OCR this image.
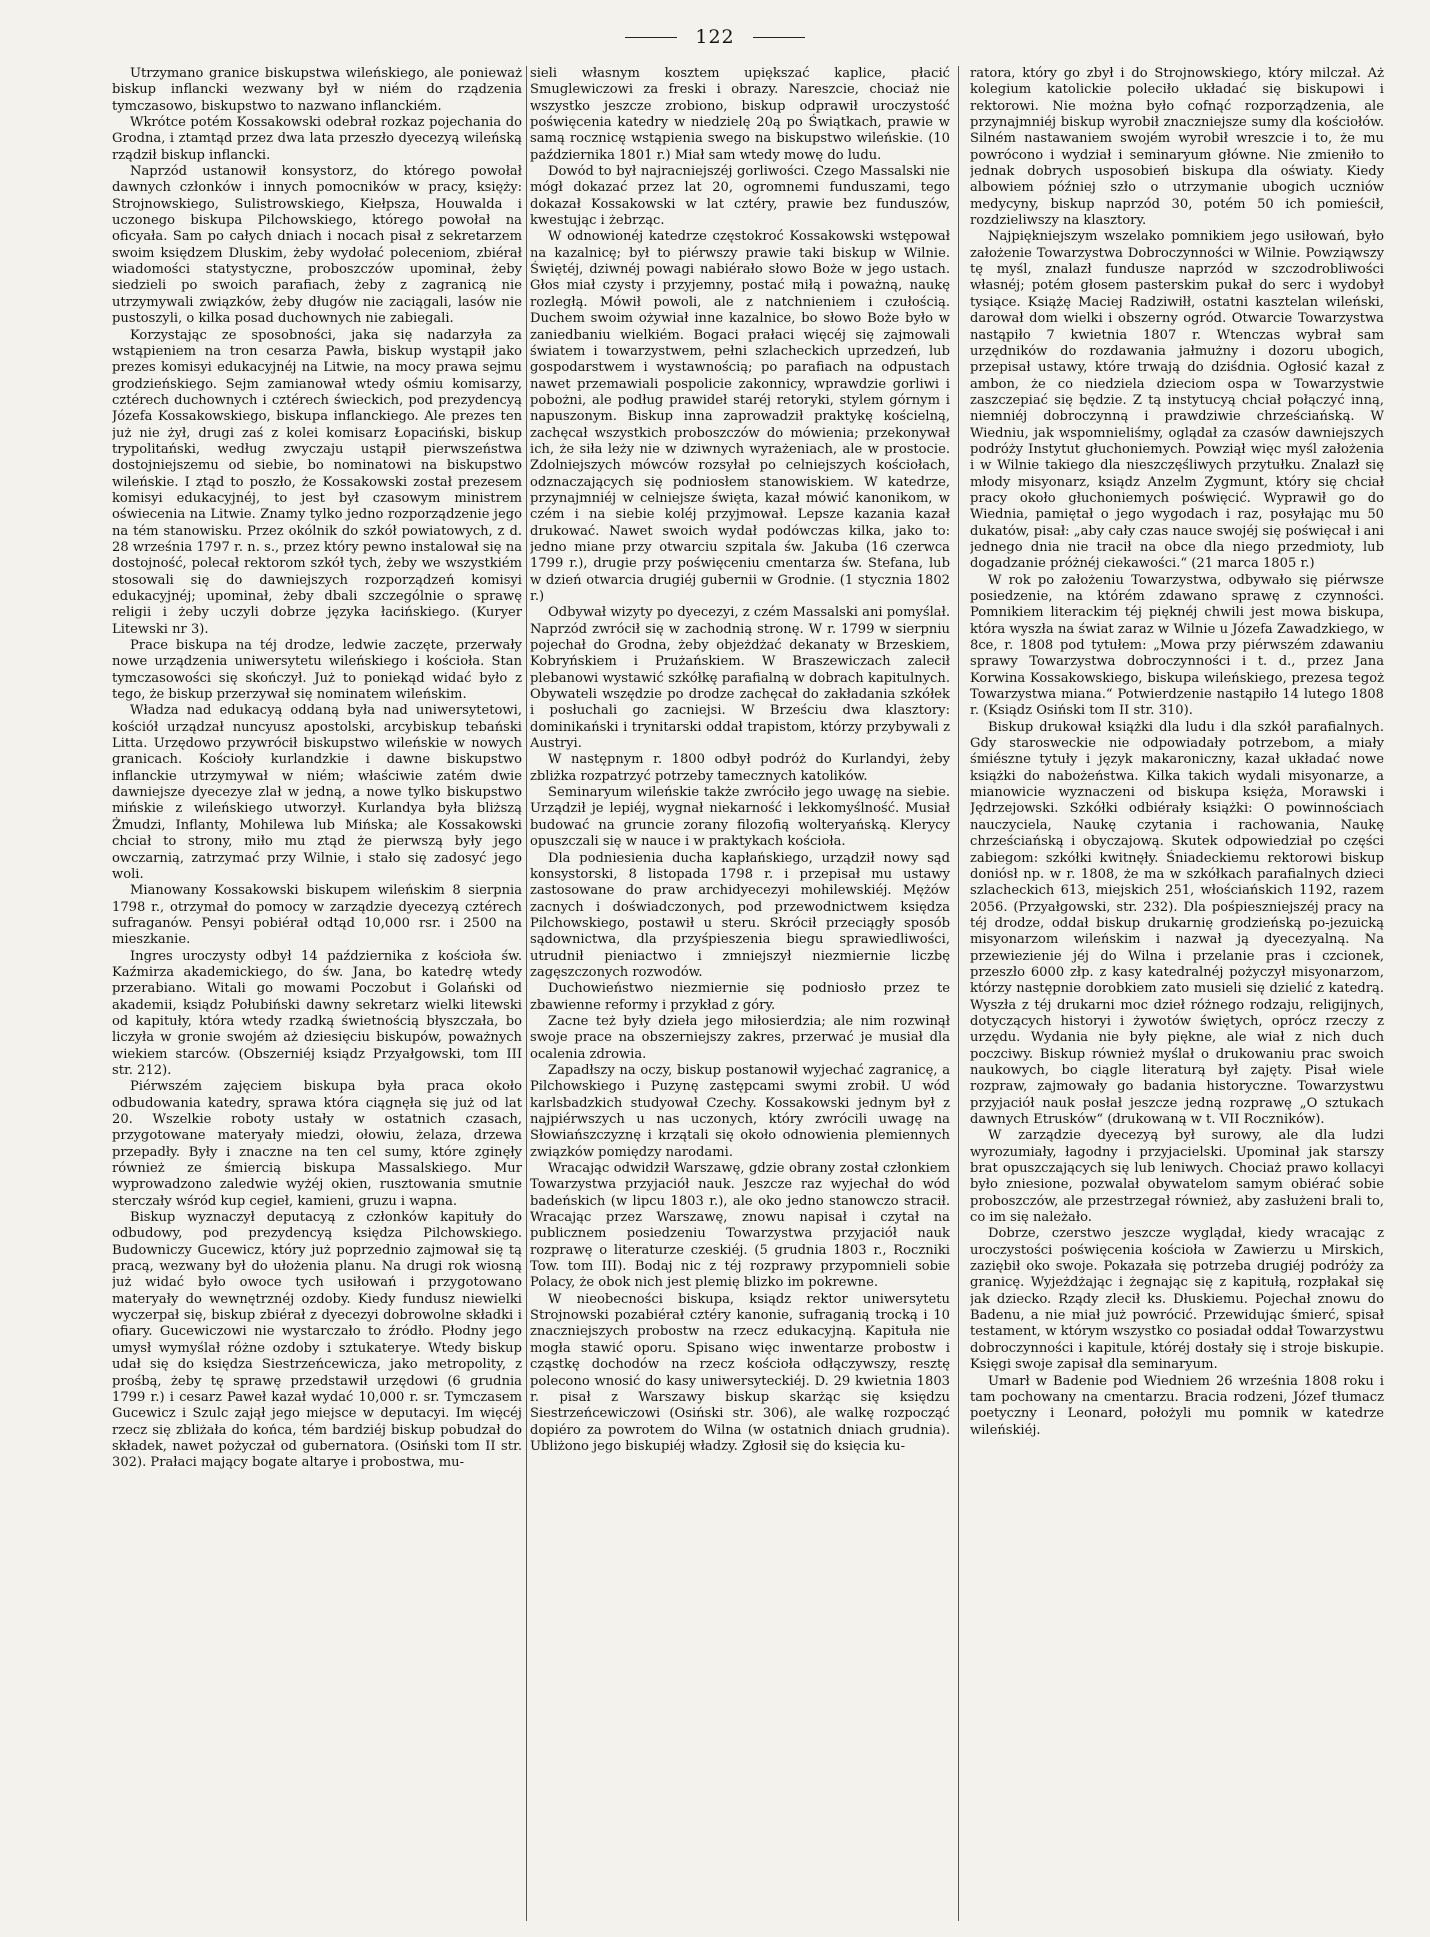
122

Utrzymano granice biskupstwa wileńskiego, ale ponieważ biskup inflancki wezwany był w niém do rządzenia tymczasowo, biskupstwo to nazwano inflanckiém.

Wkrótce potém Kossakowski odebrał rozkaz pojechania do Grodna, i ztamtąd przez dwa lata przeszło dyecezyą wileńską rządził biskup inflancki.

Naprzód ustanowił konsystorz, do którego powołał dawnych członków i innych pomocników w pracy, księży: Strojnowskiego, Sulistrowskiego, Kiełpsza, Houwalda i uczonego biskupa Pilchowskiego, którego powołał na oficyała. Sam po całych dniach i nocach pisał z sekretarzem swoim księdzem Dluskim, żeby wydołać poleceniom, zbiérał wiadomości statystyczne, proboszczów upominał, żeby siedzieli po swoich parafiach, żeby z zagranicą nie utrzymywali związków, żeby długów nie zaciągali, lasów nie pustoszyli, o kilka posad duchownych nie zabiegali.

Korzystając ze sposobności, jaka się nadarzyła za wstąpieniem na tron cesarza Pawła, biskup wystąpił jako prezes komisyi edukacyjnéj na Litwie, na mocy prawa sejmu grodzieńskiego. Sejm zamianował wtedy ośmiu komisarzy, cztérech duchownych i cztérech świeckich, pod prezydencyą Józefa Kossakowskiego, biskupa inflanckiego. Ale prezes ten już nie żył, drugi zaś z kolei komisarz Łopaciński, biskup trypolitański, według zwyczaju ustąpił pierwszeństwa dostojniejszemu od siebie, bo nominatowi na biskupstwo wileńskie. I ztąd to poszło, że Kossakowski został prezesem komisyi edukacyjnéj, to jest był czasowym ministrem oświecenia na Litwie. Znamy tylko jedno rozporządzenie jego na tém stanowisku. Przez okólnik do szkół powiatowych, z d. 28 września 1797 r. n. s., przez który pewno instalował się na dostojność, polecał rektorom szkół tych, żeby we wszystkiém stosowali się do dawniejszych rozporządzeń komisyi edukacyjnéj; upominał, żeby dbali szczególnie o sprawę religii i żeby uczyli dobrze języka łacińskiego. (Kuryer Litewski nr 3).

Prace biskupa na téj drodze, ledwie zaczęte, przerwały nowe urządzenia uniwersytetu wileńskiego i kościoła. Stan tymczasowości się skończył. Już to poniekąd widać było z tego, że biskup przerzywał się nominatem wileńskim.

Władza nad edukacyą oddaną była nad uniwersytetowi, kościół urządzał nuncyusz apostolski, arcybiskup tebański Litta. Urzędowo przywrócił biskupstwo wileńskie w nowych granicach. Kościoły kurlandzkie i dawne biskupstwo inflanckie utrzymywał w niém; właściwie zatém dwie dawniejsze dyecezye zlał w jedną, a nowe tylko biskupstwo mińskie z wileńskiego utworzył. Kurlandya była bliższą Żmudzi, Inflanty, Mohilewa lub Mińska; ale Kossakowski chciał to strony, miło mu ztąd że pierwszą były jego owczarnią, zatrzymać przy Wilnie, i stało się zadosyć jego woli.

Mianowany Kossakowski biskupem wileńskim 8 sierpnia 1798 r., otrzymał do pomocy w zarządzie dyecezyą cztérech sufraganów. Pensyi pobiérał odtąd 10,000 rsr. i 2500 na mieszkanie.

Ingres uroczysty odbył 14 października z kościoła św. Kaźmirza akademickiego, do św. Jana, bo katedrę wtedy przerabiano. Witali go mowami Poczobut i Golański od akademii, ksiądz Połubiński dawny sekretarz wielki litewski od kapituły, która wtedy rzadką świetnością błyszczała, bo liczyła w gronie swojém aż dziesięciu biskupów, poważnych wiekiem starców. (Obszerniéj ksiądz Przyałgowski, tom III str. 212).

Piérwszém zajęciem biskupa była praca około odbudowania katedry, sprawa która ciągnęła się już od lat 20. Wszelkie roboty ustały w ostatnich czasach, przygotowane materyały miedzi, ołowiu, żelaza, drzewa przepadły. Były i znaczne na ten cel sumy, które zginęły również ze śmiercią biskupa Massalskiego. Mur wyprowadzono zaledwie wyżéj okien, rusztowania smutnie sterczały wśród kup cegieł, kamieni, gruzu i wapna.

Biskup wyznaczył deputacyą z członków kapituły do odbudowy, pod prezydencyą księdza Pilchowskiego. Budowniczy Gucewicz, który już poprzednio zajmował się tą pracą, wezwany był do ułożenia planu. Na drugi rok wiosną już widać było owoce tych usiłowań i przygotowano materyały do wewnętrznéj ozdoby. Kiedy fundusz niewielki wyczerpał się, biskup zbiérał z dyecezyi dobrowolne składki i ofiary. Gucewiczowi nie wystarczało to źródło. Płodny jego umysł wymyślał różne ozdoby i sztukaterye. Wtedy biskup udał się do księdza Siestrzeńcewicza, jako metropolity, z prośbą, żeby tę sprawę przedstawił urzędowi (6 grudnia 1799 r.) i cesarz Paweł kazał wydać 10,000 r. sr. Tymczasem Gucewicz i Szulc zajął jego miejsce w deputacyi. Im więcéj rzecz się zbliżała do końca, tém bardziéj biskup pobudzał do składek, nawet pożyczał od gubernatora. (Osiński tom II str. 302). Prałaci mający bogate altarye i probostwa, mu-

sieli własnym kosztem upiększać kaplice, płacić Smuglewiczowi za freski i obrazy. Nareszcie, chociaż nie wszystko jeszcze zrobiono, biskup odprawił uroczystość poświęcenia katedry w niedzielę 20ą po Świątkach, prawie w samą rocznicę wstąpienia swego na biskupstwo wileńskie. (10 października 1801 r.) Miał sam wtedy mowę do ludu.

Dowód to był najracniejszéj gorliwości. Czego Massalski nie mógł dokazać przez lat 20, ogromnemi funduszami, tego dokazał Kossakowski w lat cztéry, prawie bez funduszów, kwestując i żebrząc.

W odnowionéj katedrze częstokroć Kossakowski wstępował na kazalnicę; był to piérwszy prawie taki biskup w Wilnie. Świętéj, dziwnéj powagi nabiérało słowo Boże w jego ustach. Głos miał czysty i przyjemny, postać miłą i poważną, naukę rozległą. Mówił powoli, ale z natchnieniem i czułością. Duchem swoim ożywiał inne kazalnice, bo słowo Boże było w zaniedbaniu wielkiém. Bogaci prałaci więcéj się zajmowali światem i towarzystwem, pełni szlacheckich uprzedzeń, lub gospodarstwem i wystawnością; po parafiach na odpustach nawet przemawiali pospolicie zakonnicy, wprawdzie gorliwi i pobożni, ale podług prawideł staréj retoryki, stylem górnym i napuszonym. Biskup inna zaprowadził praktykę kościelną, zachęcał wszystkich proboszczów do mówienia; przekonywał ich, że siła leży nie w dziwnych wyrażeniach, ale w prostocie. Zdolniejszych mówców rozsyłał po celniejszych kościołach, odznaczających się podniosłem stanowiskiem. W katedrze, przynajmniéj w celniejsze święta, kazał mówić kanonikom, w czém i na siebie koléj przyjmował. Lepsze kazania kazał drukować. Nawet swoich wydał podówczas kilka, jako to: jedno miane przy otwarciu szpitala św. Jakuba (16 czerwca 1799 r.), drugie przy poświęceniu cmentarza św. Stefana, lub w dzień otwarcia drugiéj gubernii w Grodnie. (1 stycznia 1802 r.)

Odbywał wizyty po dyecezyi, z czém Massalski ani pomyślał. Naprzód zwrócił się w zachodnią stronę. W r. 1799 w sierpniu pojechał do Grodna, żeby objeżdżać dekanaty w Brzeskiem, Kobryńskiem i Prużańskiem. W Braszewiczach zalecił plebanowi wystawić szkółkę parafialną w dobrach kapitulnych. Obywateli wszędzie po drodze zachęcał do zakładania szkółek i posłuchali go zacniejsi. W Brześciu dwa klasztory: dominikański i trynitarski oddał trapistom, którzy przybywali z Austryi.

W następnym r. 1800 odbył podróż do Kurlandyi, żeby zbliżka rozpatrzyć potrzeby tamecznych katolików.

Seminaryum wileńskie także zwróciło jego uwagę na siebie. Urządził je lepiéj, wygnał niekarność i lekkomyślność. Musiał budować na gruncie zorany filozofią wolteryańską. Klerycy opuszczali się w nauce i w praktykach kościoła.

Dla podniesienia ducha kapłańskiego, urządził nowy sąd konsystorski, 8 listopada 1798 r. i przepisał mu ustawy zastosowane do praw archidyecezyi mohilewskiéj. Mężów zacnych i doświadczonych, pod przewodnictwem księdza Pilchowskiego, postawił u steru. Skrócił przeciągły sposób sądownictwa, dla przyśpieszenia biegu sprawiedliwości, utrudnił pieniactwo i zmniejszył niezmiernie liczbę zagęszczonych rozwodów.

Duchowieństwo niezmiernie się podniosło przez te zbawienne reformy i przykład z góry.

Zacne też były dzieła jego miłosierdzia; ale nim rozwinął swoje prace na obszerniejszy zakres, przerwać je musiał dla ocalenia zdrowia.

Zapadłszy na oczy, biskup postanowił wyjechać zagranicę, a Pilchowskiego i Puzynę zastępcami swymi zrobił. U wód karlsbadzkich studyował Czechy. Kossakowski jednym był z najpiérwszych u nas uczonych, który zwrócili uwagę na Słowiańszczyznę i krzątali się około odnowienia plemiennych związków pomiędzy narodami.

Wracając odwidził Warszawę, gdzie obrany został członkiem Towarzystwa przyjaciół nauk. Jeszcze raz wyjechał do wód badeńskich (w lipcu 1803 r.), ale oko jedno stanowczo stracił. Wracając przez Warszawę, znowu napisał i czytał na publicznem posiedzeniu Towarzystwa przyjaciół nauk rozprawę o literaturze czeskiéj. (5 grudnia 1803 r., Roczniki Tow. tom III). Bodaj nic z téj rozprawy przypomnieli sobie Polacy, że obok nich jest plemię blizko im pokrewne.

W nieobecności biskupa, ksiądz rektor uniwersytetu Strojnowski pozabiérał cztéry kanonie, sufraganią trocką i 10 znaczniejszych probostw na rzecz edukacyjną. Kapituła nie mogła stawić oporu. Spisano więc inwentarze probostw i cząstkę dochodów na rzecz kościoła odłączywszy, resztę polecono wnosić do kasy uniwersyteckiéj. D. 29 kwietnia 1803 r. pisał z Warszawy biskup skarżąc się księdzu Siestrzeńcewiczowi (Osiński str. 306), ale walkę rozpocząć dopiéro za powrotem do Wilna (w ostatnich dniach grudnia). Ubliżono jego biskupiéj władzy. Zgłosił się do księcia ku-

ratora, który go zbył i do Strojnowskiego, który milczał. Aż kolegium katolickie poleciło układać się biskupowi i rektorowi. Nie można było cofnąć rozporządzenia, ale przynajmniéj biskup wyrobił znaczniejsze sumy dla kościołów. Silném nastawaniem swojém wyrobił wreszcie i to, że mu powrócono i wydział i seminaryum główne. Nie zmieniło to jednak dobrych usposobień biskupa dla oświaty. Kiedy albowiem później szło o utrzymanie ubogich uczniów medycyny, biskup naprzód 30, potém 50 ich pomieścił, rozdzieliwszy na klasztory.

Najpiękniejszym wszelako pomnikiem jego usiłowań, było założenie Towarzystwa Dobroczynności w Wilnie. Powziąwszy tę myśl, znalazł fundusze naprzód w szczodrobliwości własnéj; potém głosem pasterskim pukał do serc i wydobył tysiące. Książę Maciej Radziwiłł, ostatni kasztelan wileński, darował dom wielki i obszerny ogród. Otwarcie Towarzystwa nastąpiło 7 kwietnia 1807 r. Wtenczas wybrał sam urzędników do rozdawania jałmużny i dozoru ubogich, przepisał ustawy, które trwają do dziśdnia. Ogłosić kazał z ambon, że co niedziela dzieciom ospa w Towarzystwie zaszczepiać się będzie. Z tą instytucyą chciał połączyć inną, niemniéj dobroczynną i prawdziwie chrześciańską. W Wiedniu, jak wspomnieliśmy, oglądał za czasów dawniejszych podróży Instytut głuchoniemych. Powziął więc myśl założenia i w Wilnie takiego dla nieszczęśliwych przytułku. Znalazł się młody misyonarz, ksiądz Anzelm Zygmunt, który się chciał pracy około głuchoniemych poświęcić. Wyprawił go do Wiednia, pamiętał o jego wygodach i raz, posyłając mu 50 dukatów, pisał: „aby cały czas nauce swojéj się poświęcał i ani jednego dnia nie tracił na obce dla niego przedmioty, lub dogadzanie próżnéj ciekawości.“ (21 marca 1805 r.)

W rok po założeniu Towarzystwa, odbywało się piérwsze posiedzenie, na którém zdawano sprawę z czynności. Pomnikiem literackim téj pięknéj chwili jest mowa biskupa, która wyszła na świat zaraz w Wilnie u Józefa Zawadzkiego, w 8ce, r. 1808 pod tytułem: „Mowa przy piérwszém zdawaniu sprawy Towarzystwa dobroczynności i t. d., przez Jana Korwina Kossakowskiego, biskupa wileńskiego, prezesa tegoż Towarzystwa miana.“ Potwierdzenie nastąpiło 14 lutego 1808 r. (Ksiądz Osiński tom II str. 310).

Biskup drukował książki dla ludu i dla szkół parafialnych. Gdy starosweckie nie odpowiadały potrzebom, a miały śmiészne tytuły i język makaroniczny, kazał układać nowe książki do nabożeństwa. Kilka takich wydali misyonarze, a mianowicie wyznaczeni od biskupa księża, Morawski i Jędrzejowski. Szkółki odbiérały książki: O powinnościach nauczyciela, Naukę czytania i rachowania, Naukę chrześciańską i obyczajową. Skutek odpowiedział po części zabiegom: szkółki kwitnęły. Śniadeckiemu rektorowi biskup doniósł np. w r. 1808, że ma w szkółkach parafialnych dzieci szlacheckich 613, miejskich 251, włościańskich 1192, razem 2056. (Przyałgowski, str. 232). Dla pośpieszniejszéj pracy na téj drodze, oddał biskup drukarnię grodzieńską po-jezuicką misyonarzom wileńskim i nazwał ją dyecezyalną. Na przewiezienie jéj do Wilna i przelanie pras i czcionek, przeszło 6000 złp. z kasy katedralnéj pożyczył misyonarzom, którzy następnie dorobkiem zato musieli się dzielić z katedrą. Wyszła z téj drukarni moc dzieł różnego rodzaju, religijnych, dotyczących historyi i żywotów świętych, oprócz rzeczy z urzędu. Wydania nie były piękne, ale wiał z nich duch poczciwy. Biskup również myślał o drukowaniu prac swoich naukowych, bo ciągle literaturą był zajęty. Pisał wiele rozpraw, zajmowały go badania historyczne. Towarzystwu przyjaciół nauk posłał jeszcze jedną rozprawę „O sztukach dawnych Etrusków“ (drukowaną w t. VII Roczników).

W zarządzie dyecezyą był surowy, ale dla ludzi wyrozumiały, łagodny i przyjacielski. Upominał jak starszy brat opuszczających się lub leniwych. Chociaż prawo kollacyi było zniesione, pozwalał obywatelom samym obiérać sobie proboszczów, ale przestrzegał również, aby zasłużeni brali to, co im się należało.

Dobrze, czerstwo jeszcze wyglądał, kiedy wracając z uroczystości poświęcenia kościoła w Zawierzu u Mirskich, zaziębił oko swoje. Pokazała się potrzeba drugiéj podróży za granicę. Wyjeżdżając i żegnając się z kapitułą, rozpłakał się jak dziecko. Rządy zlecił ks. Dłuskiemu. Pojechał znowu do Badenu, a nie miał już powrócić. Przewidując śmierć, spisał testament, w którym wszystko co posiadał oddał Towarzystwu dobroczynności i kapitule, któréj dostały się i stroje biskupie. Księgi swoje zapisał dla seminaryum.

Umarł w Badenie pod Wiedniem 26 września 1808 roku i tam pochowany na cmentarzu. Bracia rodzeni, Józef tłumacz poetyczny i Leonard, położyli mu pomnik w katedrze wileńskiéj.
